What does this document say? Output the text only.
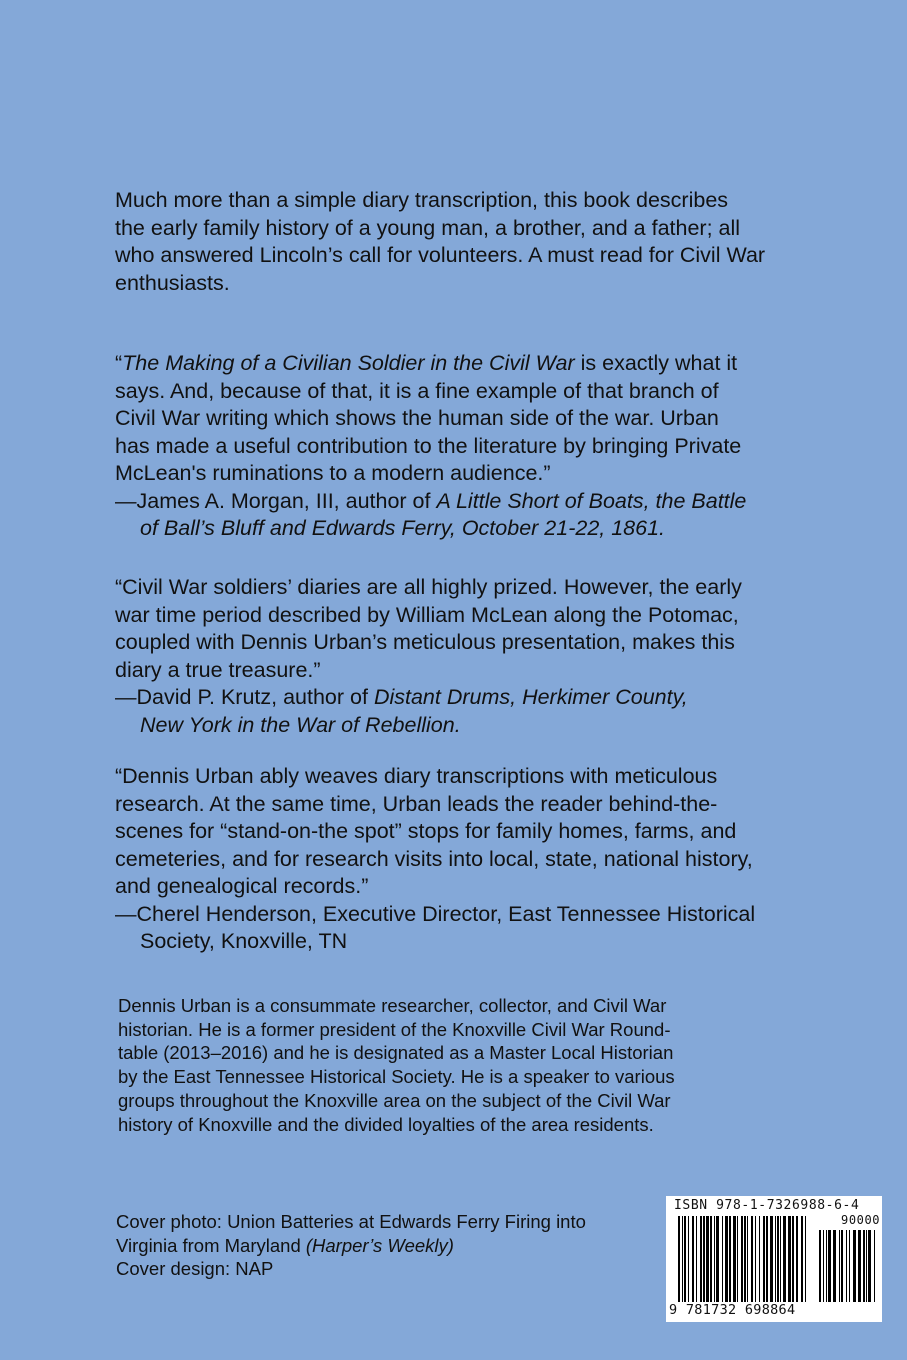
Much more than a simple diary transcription, this book describes
the early family history of a young man, a brother, and a father; all
who answered Lincoln’s call for volunteers. A must read for Civil War
enthusiasts.
“The Making of a Civilian Soldier in the Civil War is exactly what it
says. And, because of that, it is a fine example of that branch of
Civil War writing which shows the human side of the war. Urban
has made a useful contribution to the literature by bringing Private
McLean's ruminations to a modern audience.”
—James A. Morgan, III, author of A Little Short of Boats, the Battle
of Ball’s Bluff and Edwards Ferry, October 21-22, 1861.
“Civil War soldiers’ diaries are all highly prized. However, the early
war time period described by William McLean along the Potomac,
coupled with Dennis Urban’s meticulous presentation, makes this
diary a true treasure.”
—David P. Krutz, author of Distant Drums, Herkimer County,
New York in the War of Rebellion.
“Dennis Urban ably weaves diary transcriptions with meticulous
research. At the same time, Urban leads the reader behind-the-
scenes for “stand-on-the spot” stops for family homes, farms, and
cemeteries, and for research visits into local, state, national history,
and genealogical records.”
—Cherel Henderson, Executive Director, East Tennessee Historical
Society, Knoxville, TN
Dennis Urban is a consummate researcher, collector, and Civil War
historian. He is a former president of the Knoxville Civil War Round-
table (2013–2016) and he is designated as a Master Local Historian
by the East Tennessee Historical Society. He is a speaker to various
groups throughout the Knoxville area on the subject of the Civil War
history of Knoxville and the divided loyalties of the area residents.
Cover photo: Union Batteries at Edwards Ferry Firing into
Virginia from Maryland (Harper’s Weekly)
Cover design: NAP
ISBN 978-1-7326988-6-4
90000
9 781732 698864
